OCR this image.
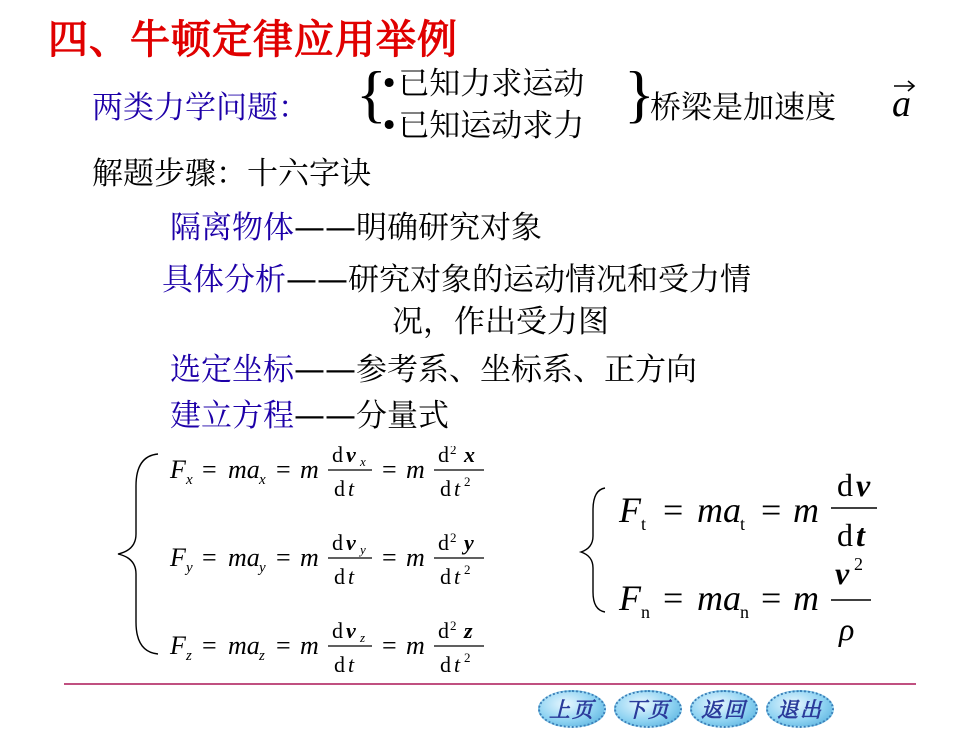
四、牛顿定律应用举例
两类力学问题： {
•已知力求运动
•已知运动求力 }
桥梁是加速度 a
解题步骤：十六字诀
隔离物体——明确研究对象
具体分析——研究对象的运动情况和受力情
况，作出受力图
选定坐标——参考系、坐标系、正方向
建立方程——分量式
F x = ma x = m
d v x
d t
= m
d 2 x
d t 2
F y = ma y = m
d v y
d t
= m
d 2 y
d t 2
F z = ma z = m
d v z
d t
= m
d 2 z
d t 2
F t = ma t = m
d v
d t
F n = ma n = m
v 2
ρ
上页	下页	返回	退出
